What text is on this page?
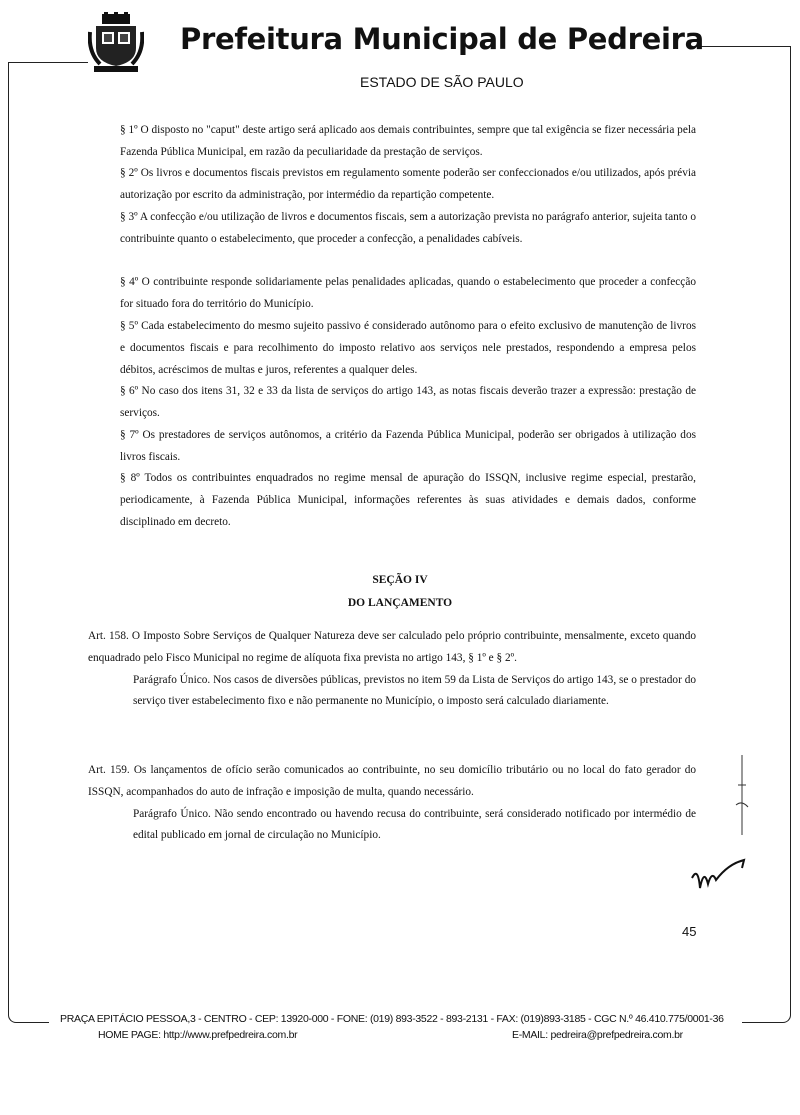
Prefeitura Municipal de Pedreira
ESTADO DE SÃO PAULO
§ 1º O disposto no "caput" deste artigo será aplicado aos demais contribuintes, sempre que tal exigência se fizer necessária pela Fazenda Pública Municipal, em razão da peculiaridade da prestação de serviços.
§ 2º Os livros e documentos fiscais previstos em regulamento somente poderão ser confeccionados e/ou utilizados, após prévia autorização por escrito da administração, por intermédio da repartição competente.
§ 3º A confecção e/ou utilização de livros e documentos fiscais, sem a autorização prevista no parágrafo anterior, sujeita tanto o contribuinte quanto o estabelecimento, que proceder a confecção, a penalidades cabíveis.
§ 4º O contribuinte responde solidariamente pelas penalidades aplicadas, quando o estabelecimento que proceder a confecção for situado fora do território do Município.
§ 5º Cada estabelecimento do mesmo sujeito passivo é considerado autônomo para o efeito exclusivo de manutenção de livros e documentos fiscais e para recolhimento do imposto relativo aos serviços nele prestados, respondendo a empresa pelos débitos, acréscimos de multas e juros, referentes a qualquer deles.
§ 6º No caso dos itens 31, 32 e 33 da lista de serviços do artigo 143, as notas fiscais deverão trazer a expressão: prestação de serviços.
§ 7º Os prestadores de serviços autônomos, a critério da Fazenda Pública Municipal, poderão ser obrigados à utilização dos livros fiscais.
§ 8º Todos os contribuintes enquadrados no regime mensal de apuração do ISSQN, inclusive regime especial, prestarão, periodicamente, à Fazenda Pública Municipal, informações referentes às suas atividades e demais dados, conforme disciplinado em decreto.
SEÇÃO IV
DO LANÇAMENTO
Art. 158. O Imposto Sobre Serviços de Qualquer Natureza deve ser calculado pelo próprio contribuinte, mensalmente, exceto quando enquadrado pelo Fisco Municipal no regime de alíquota fixa prevista no artigo 143, § 1º e § 2º.
Parágrafo Único. Nos casos de diversões públicas, previstos no item 59 da Lista de Serviços do artigo 143, se o prestador do serviço tiver estabelecimento fixo e não permanente no Município, o imposto será calculado diariamente.
Art. 159. Os lançamentos de ofício serão comunicados ao contribuinte, no seu domicílio tributário ou no local do fato gerador do ISSQN, acompanhados do auto de infração e imposição de multa, quando necessário.
Parágrafo Único. Não sendo encontrado ou havendo recusa do contribuinte, será considerado notificado por intermédio de edital publicado em jornal de circulação no Município.
45
PRAÇA EPITÁCIO PESSOA,3 - CENTRO - CEP: 13920-000 - FONE: (019) 893-3522 - 893-2131 - FAX: (019)893-3185 - CGC N.º 46.410.775/0001-36
HOME PAGE: http://www.prefpedreira.com.br	E-MAIL: pedreira@prefpedreira.com.br
